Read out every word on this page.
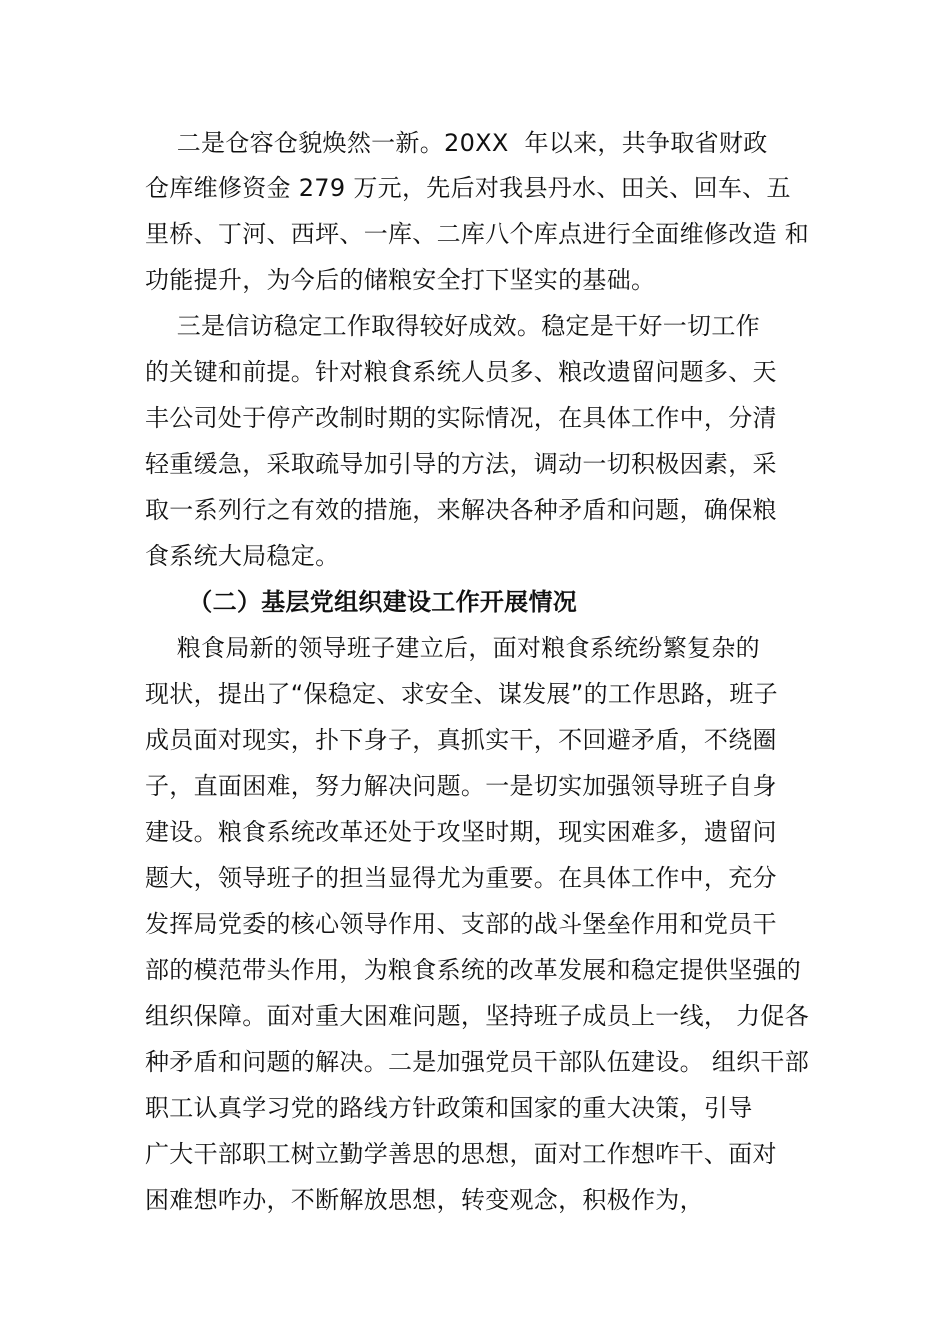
二是仓容仓貌焕然一新。20XX  年以来，共争取省财政
仓库维修资金 279 万元，先后对我县丹水、田关、回车、五
里桥、丁河、西坪、一库、二库八个库点进行全面维修改造 和
功能提升，为今后的储粮安全打下坚实的基础。
三是信访稳定工作取得较好成效。稳定是干好一切工作
的关键和前提。针对粮食系统人员多、粮改遗留问题多、天
丰公司处于停产改制时期的实际情况，在具体工作中，分清
轻重缓急，采取疏导加引导的方法，调动一切积极因素，采
取一系列行之有效的措施，来解决各种矛盾和问题，确保粮
食系统大局稳定。
（二）基层党组织建设工作开展情况
粮食局新的领导班子建立后，面对粮食系统纷繁复杂的
现状，提出了“保稳定、求安全、谋发展”的工作思路，班子
成员面对现实，扑下身子，真抓实干，不回避矛盾，不绕圈
子，直面困难，努力解决问题。一是切实加强领导班子自身
建设。粮食系统改革还处于攻坚时期，现实困难多，遗留问
题大，领导班子的担当显得尤为重要。在具体工作中，充分
发挥局党委的核心领导作用、支部的战斗堡垒作用和党员干
部的模范带头作用，为粮食系统的改革发展和稳定提供坚强的
组织保障。面对重大困难问题，坚持班子成员上一线， 力促各
种矛盾和问题的解决。二是加强党员干部队伍建设。 组织干部
职工认真学习党的路线方针政策和国家的重大决策，引导
广大干部职工树立勤学善思的思想，面对工作想咋干、面对
困难想咋办，不断解放思想，转变观念，积极作为，
